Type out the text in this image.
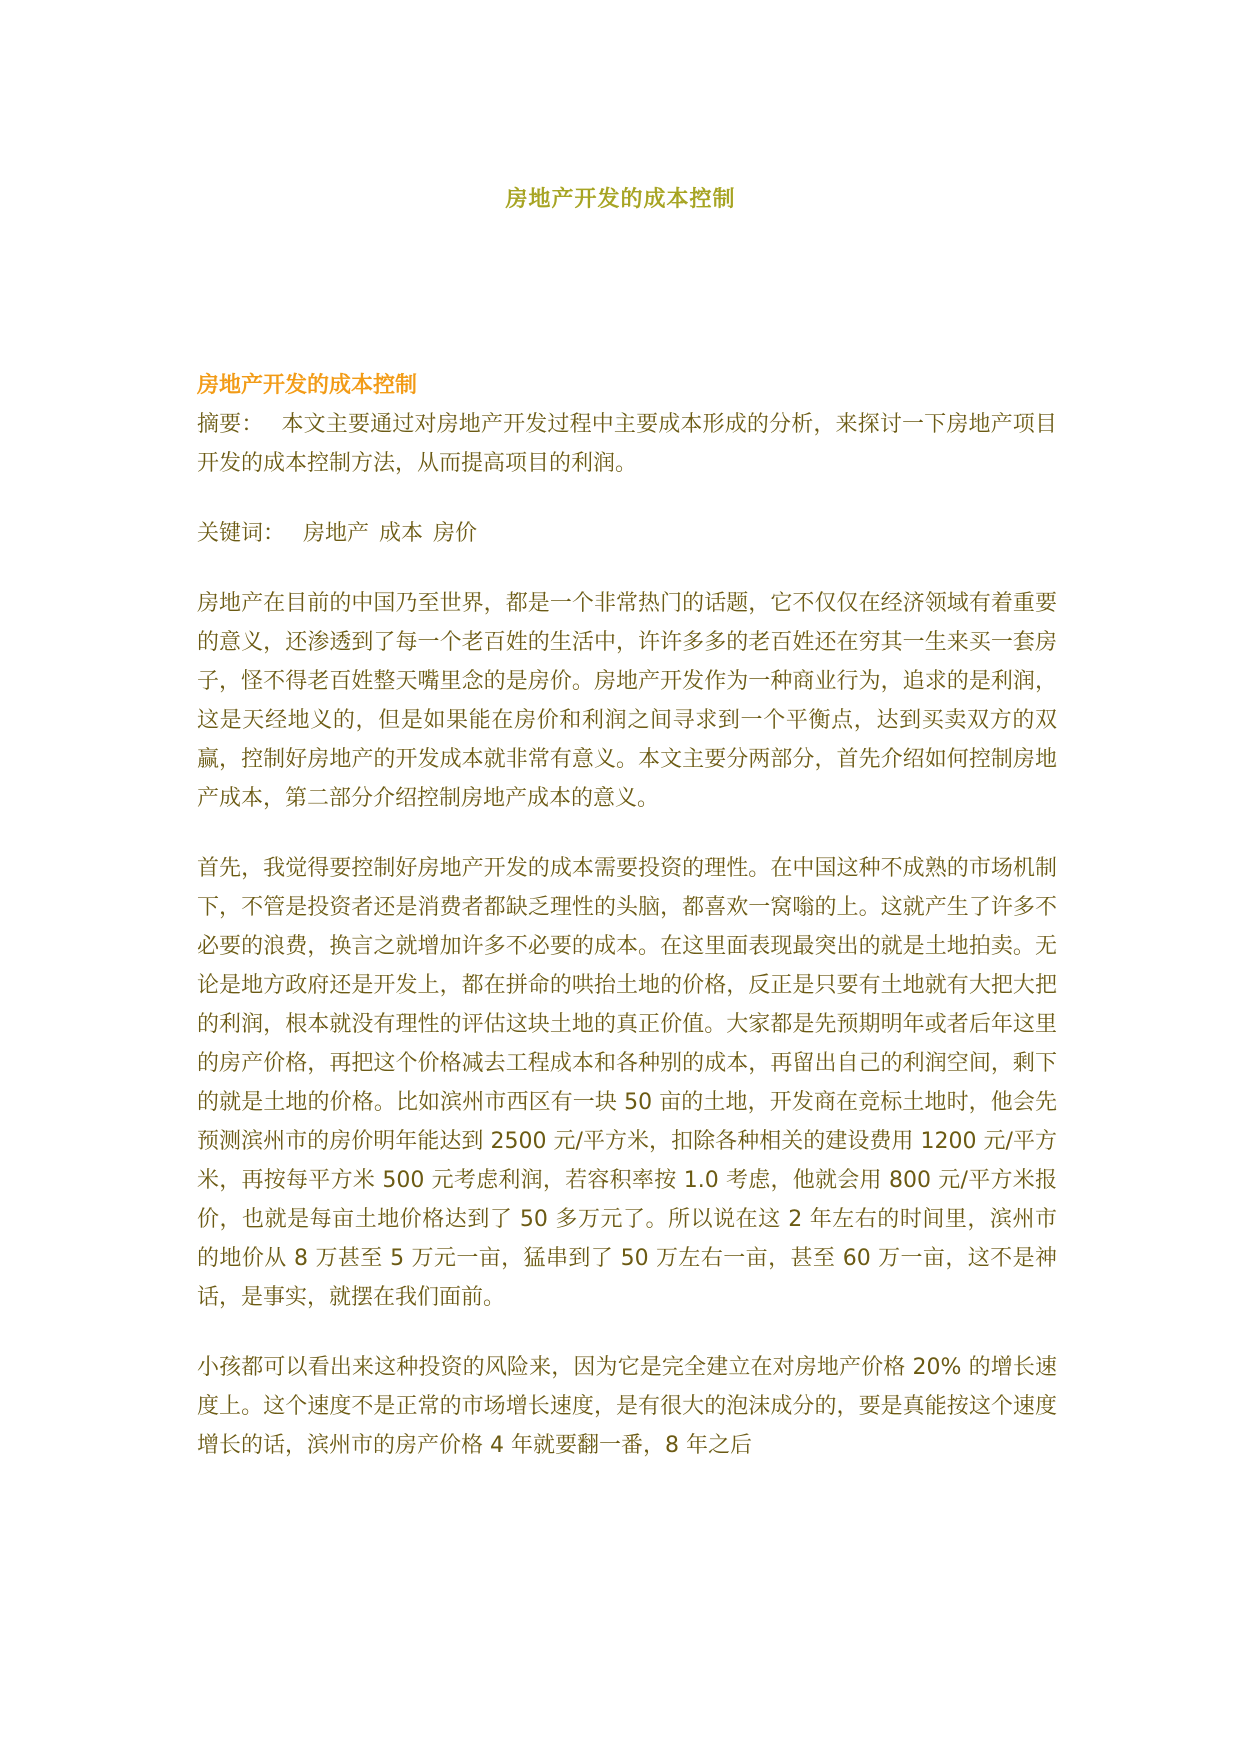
房地产开发的成本控制
房地产开发的成本控制

摘要： 本文主要通过对房地产开发过程中主要成本形成的分析，来探讨一下房地产项目开发的成本控制方法，从而提高项目的利润。

关键词： 房地产 成本 房价

房地产在目前的中国乃至世界，都是一个非常热门的话题，它不仅仅在经济领域有着重要的意义，还渗透到了每一个老百姓的生活中，许许多多的老百姓还在穷其一生来买一套房子，怪不得老百姓整天嘴里念的是房价。房地产开发作为一种商业行为，追求的是利润，这是天经地义的，但是如果能在房价和利润之间寻求到一个平衡点，达到买卖双方的双赢，控制好房地产的开发成本就非常有意义。本文主要分两部分，首先介绍如何控制房地产成本，第二部分介绍控制房地产成本的意义。

首先，我觉得要控制好房地产开发的成本需要投资的理性。在中国这种不成熟的市场机制下，不管是投资者还是消费者都缺乏理性的头脑，都喜欢一窝嗡的上。这就产生了许多不必要的浪费，换言之就增加许多不必要的成本。在这里面表现最突出的就是土地拍卖。无论是地方政府还是开发上，都在拼命的哄抬土地的价格，反正是只要有土地就有大把大把的利润，根本就没有理性的评估这块土地的真正价值。大家都是先预期明年或者后年这里的房产价格，再把这个价格减去工程成本和各种别的成本，再留出自己的利润空间，剩下的就是土地的价格。比如滨州市西区有一块 50 亩的土地，开发商在竞标土地时，他会先预测滨州市的房价明年能达到 2500 元/平方米，扣除各种相关的建设费用 1200 元/平方米，再按每平方米 500 元考虑利润，若容积率按 1.0 考虑，他就会用 800 元/平方米报价，也就是每亩土地价格达到了 50 多万元了。所以说在这 2 年左右的时间里，滨州市的地价从 8 万甚至 5 万元一亩，猛串到了 50 万左右一亩，甚至 60 万一亩，这不是神话，是事实，就摆在我们面前。

小孩都可以看出来这种投资的风险来，因为它是完全建立在对房地产价格 20% 的增长速度上。这个速度不是正常的市场增长速度，是有很大的泡沫成分的，要是真能按这个速度增长的话，滨州市的房产价格 4 年就要翻一番，8 年之后
